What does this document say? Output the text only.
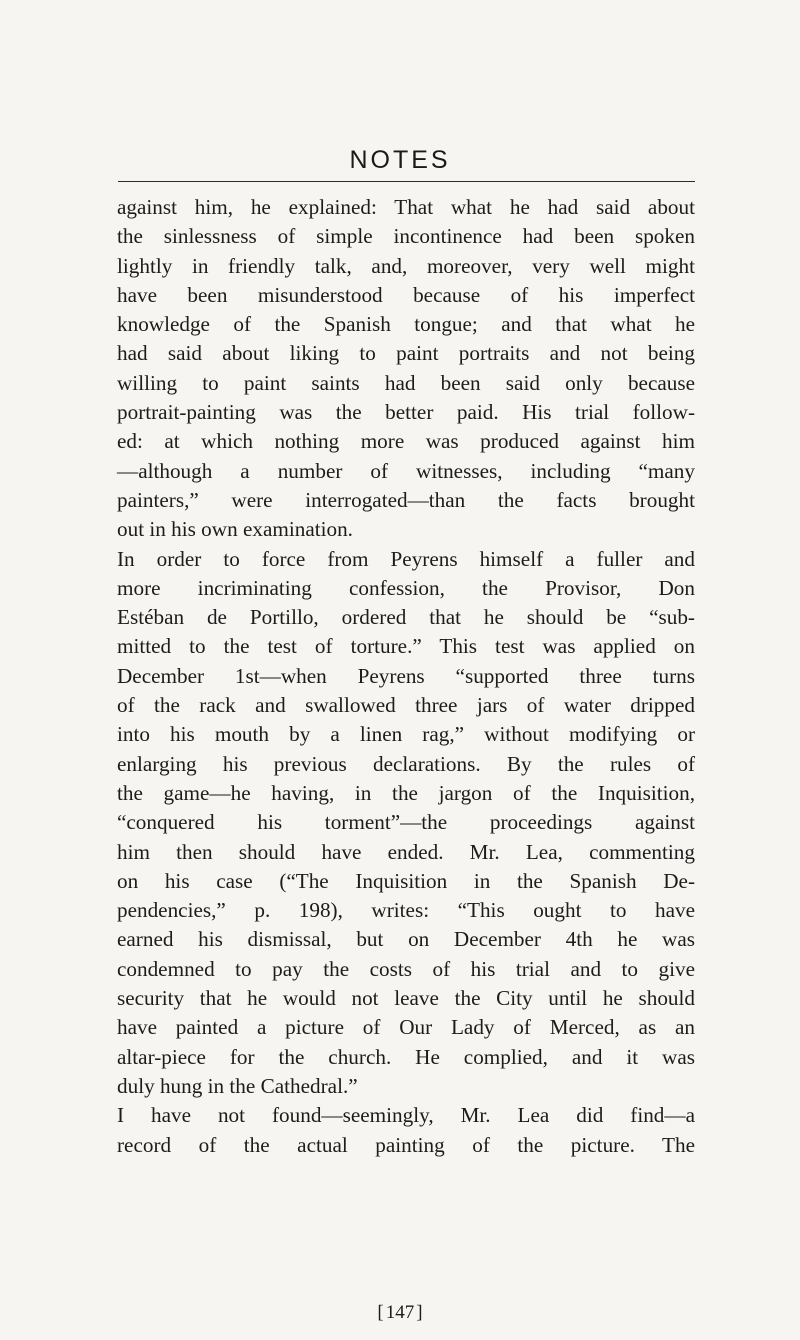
NOTES
against him, he explained: That what he had said about
the sinlessness of simple incontinence had been spoken
lightly in friendly talk, and, moreover, very well might
have been misunderstood because of his imperfect
knowledge of the Spanish tongue; and that what he
had said about liking to paint portraits and not being
willing to paint saints had been said only because
portrait-painting was the better paid. His trial follow-
ed: at which nothing more was produced against him
—although a number of witnesses, including “many
painters,” were interrogated—than the facts brought
out in his own examination.
In order to force from Peyrens himself a fuller and
more incriminating confession, the Provisor, Don
Estéban de Portillo, ordered that he should be “sub-
mitted to the test of torture.” This test was applied on
December 1st—when Peyrens “supported three turns
of the rack and swallowed three jars of water dripped
into his mouth by a linen rag,” without modifying or
enlarging his previous declarations. By the rules of
the game—he having, in the jargon of the Inquisition,
“conquered his torment”—the proceedings against
him then should have ended. Mr. Lea, commenting
on his case (“The Inquisition in the Spanish De-
pendencies,” p. 198), writes: “This ought to have
earned his dismissal, but on December 4th he was
condemned to pay the costs of his trial and to give
security that he would not leave the City until he should
have painted a picture of Our Lady of Merced, as an
altar-piece for the church. He complied, and it was
duly hung in the Cathedral.”
I have not found—seemingly, Mr. Lea did find—a
record of the actual painting of the picture. The
[ 147 ]
